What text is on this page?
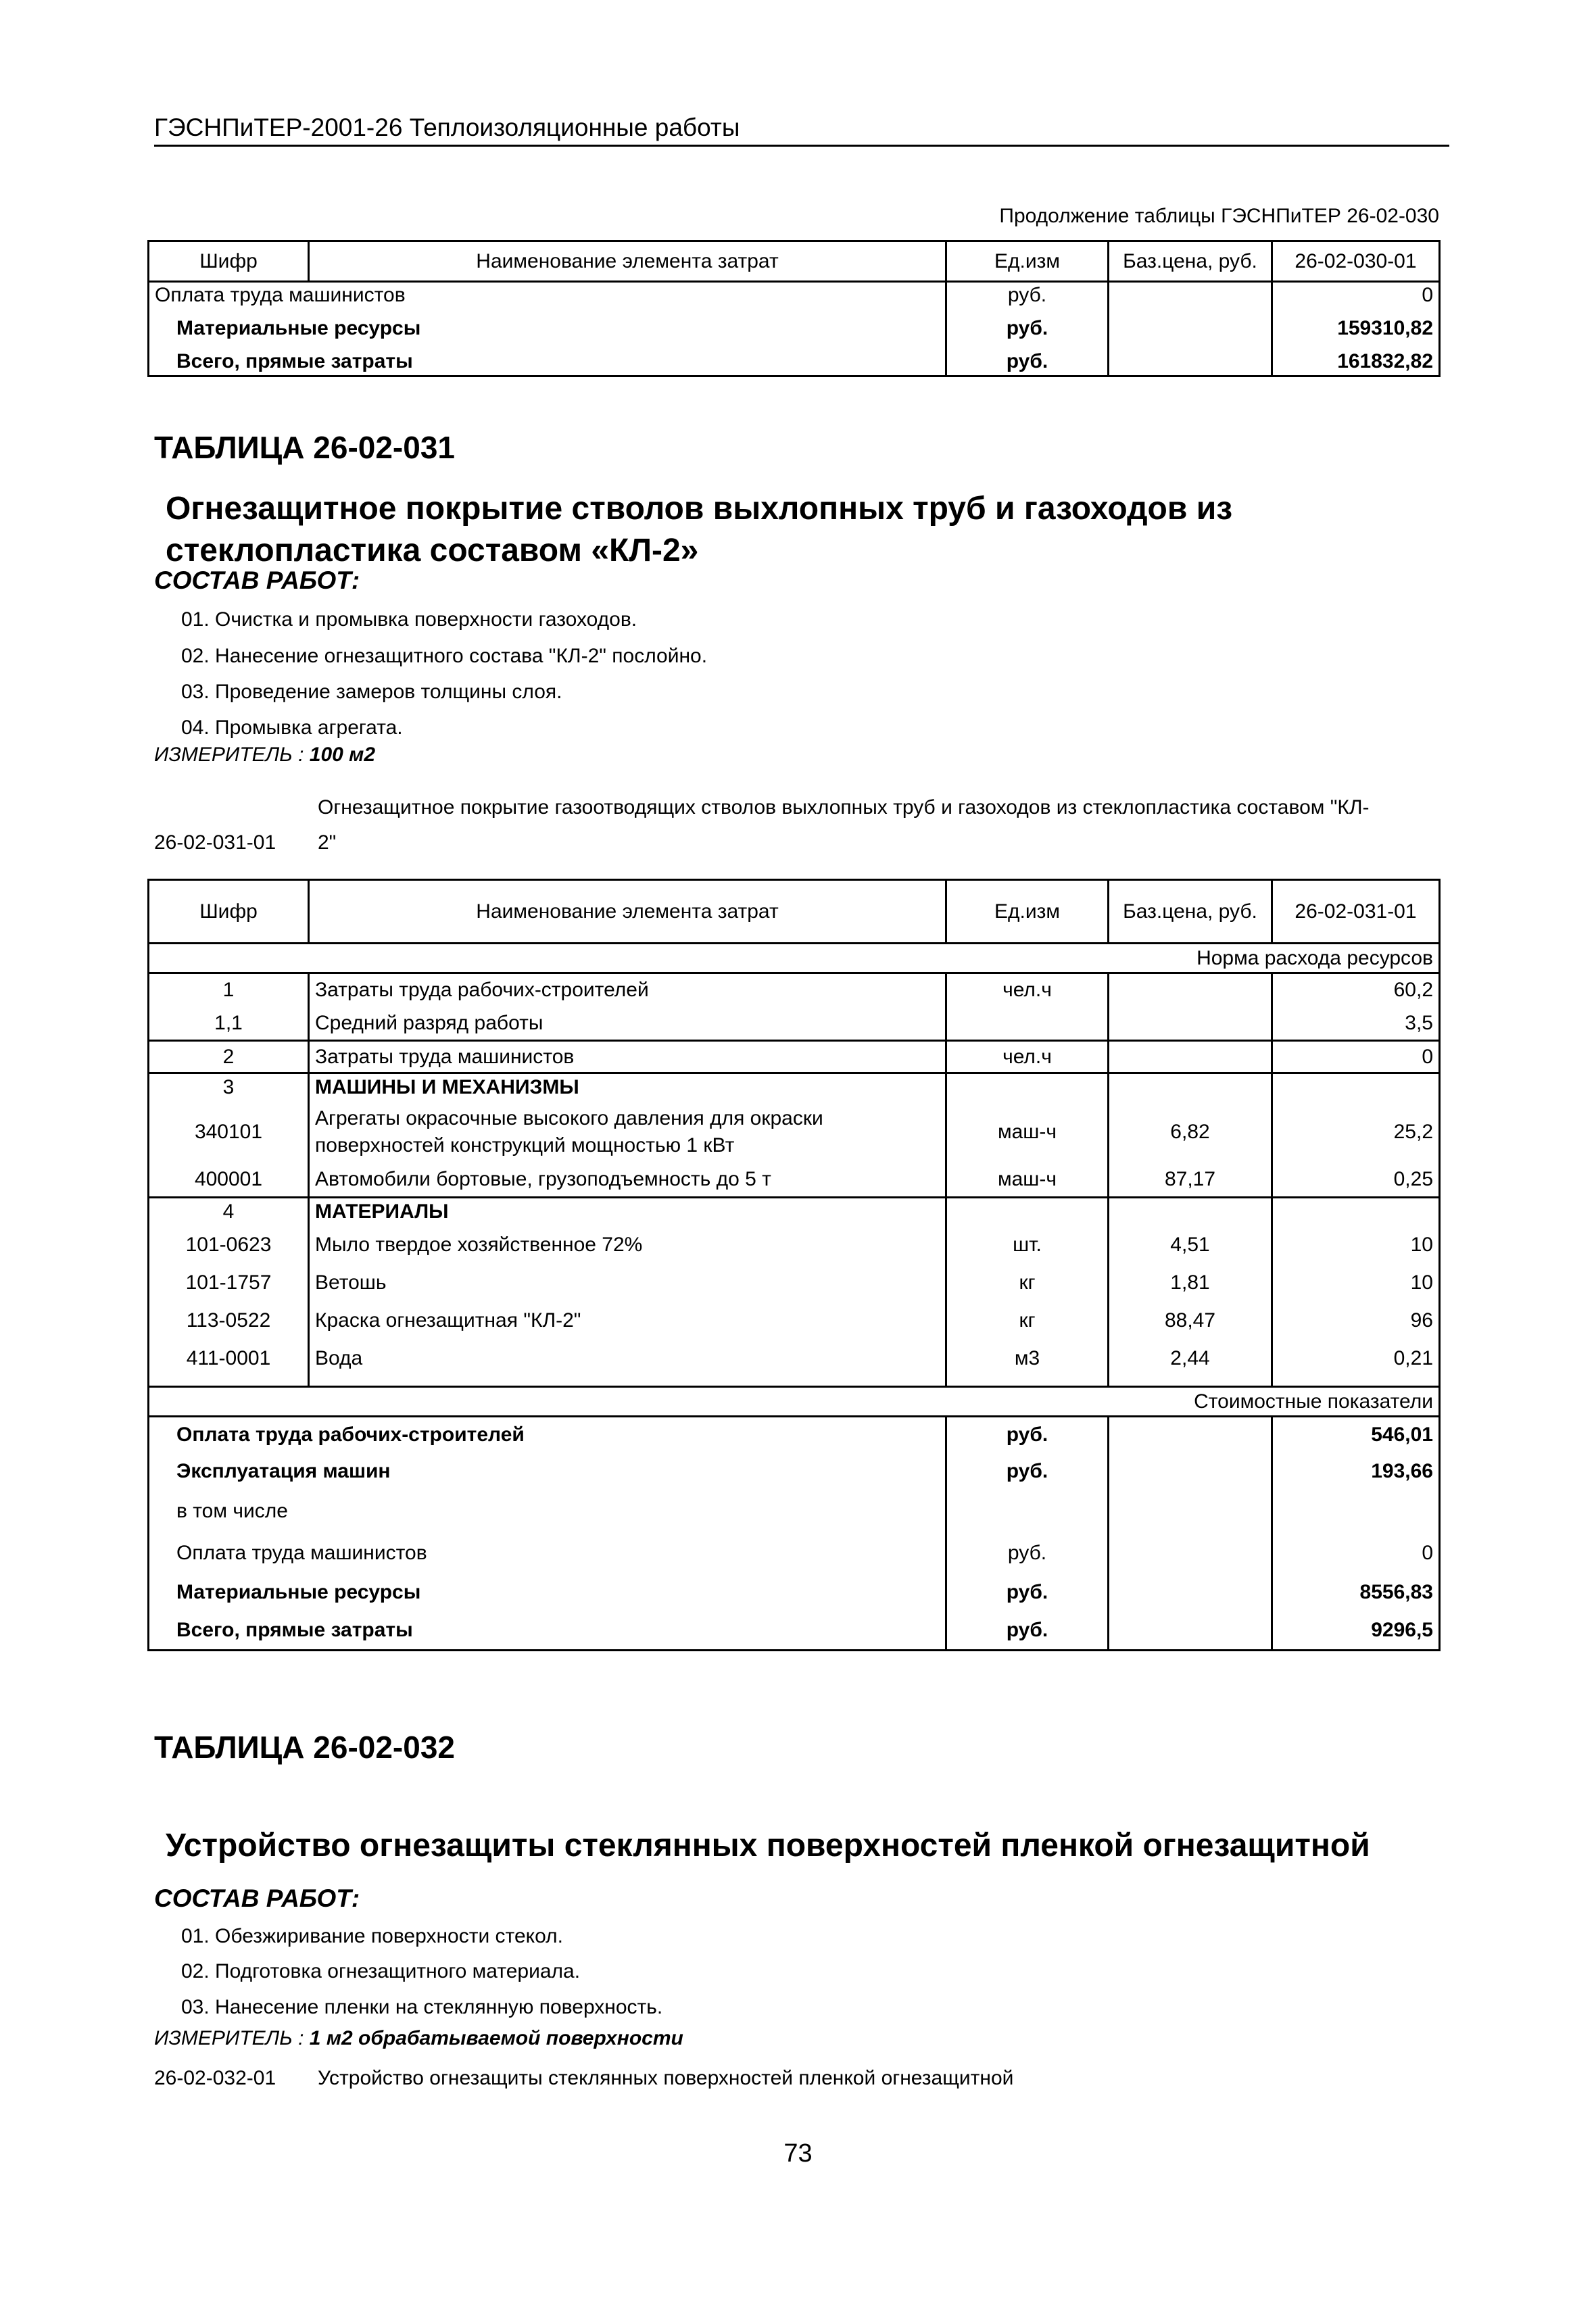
ГЭСНПиТЕР-2001-26 Теплоизоляционные работы
Продолжение таблицы ГЭСНПиТЕР 26-02-030
Шифр	Наименование элемента затрат	Ед.изм	Баз.цена, руб.	26-02-030-01
Оплата труда машинистов		руб.		0
Материальные ресурсы		руб.		159310,82
Всего, прямые затраты		руб.		161832,82
ТАБЛИЦА 26-02-031
Огнезащитное покрытие стволов выхлопных труб и газоходов из стеклопластика составом «КЛ-2»
СОСТАВ РАБОТ:
01. Очистка и промывка поверхности газоходов.
02. Нанесение огнезащитного состава "КЛ-2" послойно.
03. Проведение замеров толщины слоя.
04. Промывка агрегата.
ИЗМЕРИТЕЛЬ : 100 м2
Огнезащитное покрытие газоотводящих стволов выхлопных труб и газоходов из стеклопластика составом "КЛ-
26-02-031-01 2"
Шифр	Наименование элемента затрат	Ед.изм	Баз.цена, руб.	26-02-031-01
Норма расхода ресурсов				
1	Затраты труда рабочих-строителей	чел.ч		60,2
1,1	Средний разряд работы			3,5
2	Затраты труда машинистов	чел.ч		0
3	МАШИНЫ И МЕХАНИЗМЫ			
340101	Агрегаты окрасочные высокого давления для окраски
поверхностей конструкций мощностью 1 кВт	маш-ч	6,82	25,2
400001	Автомобили бортовые, грузоподъемность до 5 т	маш-ч	87,17	0,25
4	МАТЕРИАЛЫ			
101-0623	Мыло твердое хозяйственное 72%	шт.	4,51	10
101-1757	Ветошь	кг	1,81	10
113-0522	Краска огнезащитная "КЛ-2"	кг	88,47	96
411-0001	Вода	м3	2,44	0,21

Стоимостные показатели				
Оплата труда рабочих-строителей		руб.		546,01
Эксплуатация машин		руб.		193,66
в том числе				
Оплата труда машинистов		руб.		0
Материальные ресурсы		руб.		8556,83
Всего, прямые затраты		руб.		9296,5
ТАБЛИЦА 26-02-032
Устройство огнезащиты стеклянных поверхностей пленкой огнезащитной
СОСТАВ РАБОТ:
01. Обезжиривание поверхности стекол.
02. Подготовка огнезащитного материала.
03. Нанесение пленки на стеклянную поверхность.
ИЗМЕРИТЕЛЬ : 1 м2 обрабатываемой поверхности
26-02-032-01 Устройство огнезащиты стеклянных поверхностей пленкой огнезащитной
73
